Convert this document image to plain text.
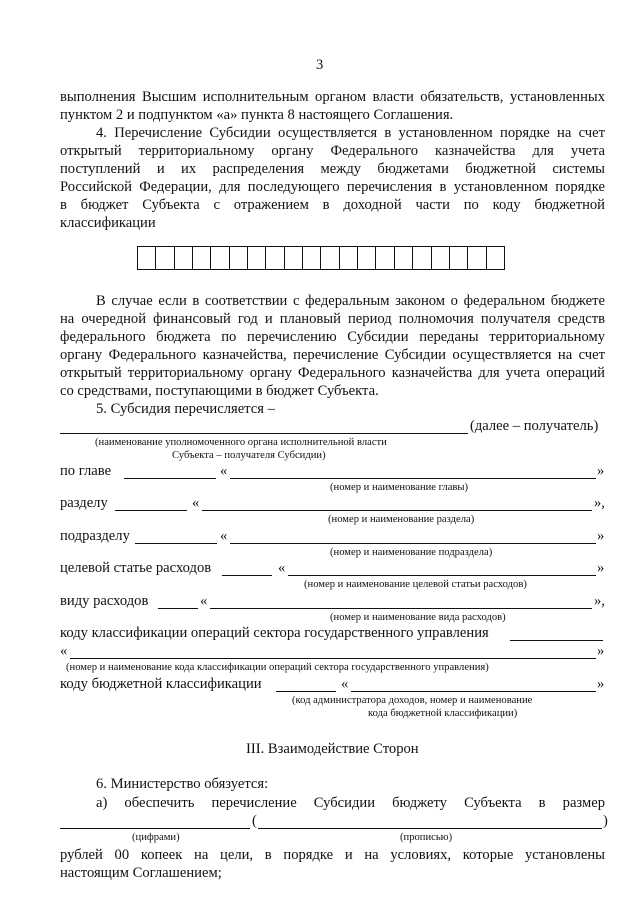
3
выполнения Высшим исполнительным органом власти обязательств, установленных
пунктом 2 и подпунктом «а» пункта 8 настоящего Соглашения.
4. Перечисление Субсидии осуществляется в установленном порядке на счет
открытый территориальному органу Федерального казначейства для учета
поступлений и их распределения между бюджетами бюджетной системы
Российской Федерации, для последующего перечисления в установленном порядке
в бюджет Субъекта с отражением в доходной части по коду бюджетной
классификации
В случае если в соответствии с федеральным законом о федеральном бюджете
на очередной финансовый год и плановый период полномочия получателя средств
федерального бюджета по перечислению Субсидии переданы территориальному
органу Федерального казначейства, перечисление Субсидии осуществляется на счет
открытый территориальному органу Федерального казначейства для учета операций
со средствами, поступающими в бюджет Субъекта.
5. Субсидия перечисляется –
(далее – получатель)
(наименование уполномоченного органа исполнительной власти
Субъекта – получателя Субсидии)
по главе	«	»
(номер и наименование главы)
разделу	«	»,
(номер и наименование раздела)
подразделу	«	»
(номер и наименование подраздела)
целевой статье расходов	«	»
(номер и наименование целевой статьи расходов)
виду расходов	«	»,
(номер и наименование вида расходов)
коду классификации операций сектора государственного управления
«	»
(номер и наименование кода классификации операций сектора государственного управления)
коду бюджетной классификации	«	»
(код администратора доходов, номер и наименование
кода бюджетной классификации)
III. Взаимодействие Сторон
6. Министерство обязуется:
а) обеспечить перечисление Субсидии бюджету Субъекта в размер
(	)
(цифрами)	(прописью)
рублей 00 копеек на цели, в порядке и на условиях, которые установлены
настоящим Соглашением;
